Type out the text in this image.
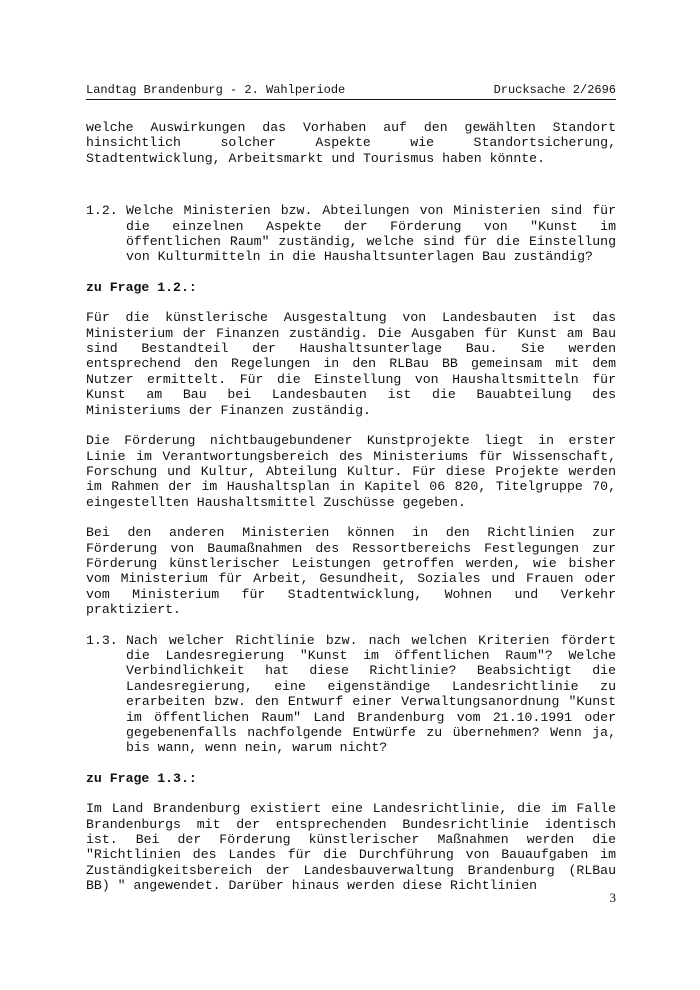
Landtag Brandenburg - 2. Wahlperiode	Drucksache 2/2696

welche Auswirkungen das Vorhaben auf den gewählten Standort hinsichtlich solcher Aspekte wie Standortsicherung, Stadtentwicklung, Arbeitsmarkt und Tourismus haben könnte.

1.2. Welche Ministerien bzw. Abteilungen von Ministerien sind für die einzelnen Aspekte der Förderung von "Kunst im öffentlichen Raum" zuständig, welche sind für die Einstellung von Kulturmitteln in die Haushaltsunterlagen Bau zuständig?
zu Frage 1.2.:

Für die künstlerische Ausgestaltung von Landesbauten ist das Ministerium der Finanzen zuständig. Die Ausgaben für Kunst am Bau sind Bestandteil der Haushaltsunterlage Bau. Sie werden entsprechend den Regelungen in den RLBau BB gemeinsam mit dem Nutzer ermittelt. Für die Einstellung von Haushaltsmitteln für Kunst am Bau bei Landesbauten ist die Bauabteilung des Ministeriums der Finanzen zuständig.

Die Förderung nichtbaugebundener Kunstprojekte liegt in erster Linie im Verantwortungsbereich des Ministeriums für Wissenschaft, Forschung und Kultur, Abteilung Kultur. Für diese Projekte werden im Rahmen der im Haushaltsplan in Kapitel 06 820, Titelgruppe 70, eingestellten Haushaltsmittel Zuschüsse gegeben.

Bei den anderen Ministerien können in den Richtlinien zur Förderung von Baumaßnahmen des Ressortbereichs Festlegungen zur Förderung künstlerischer Leistungen getroffen werden, wie bisher vom Ministerium für Arbeit, Gesundheit, Soziales und Frauen oder vom Ministerium für Stadtentwicklung, Wohnen und Verkehr praktiziert.

1.3. Nach welcher Richtlinie bzw. nach welchen Kriterien fördert die Landesregierung "Kunst im öffentlichen Raum"? Welche Verbindlichkeit hat diese Richtlinie? Beabsichtigt die Landesregierung, eine eigenständige Landesrichtlinie zu erarbeiten bzw. den Entwurf einer Verwaltungsanordnung "Kunst im öffentlichen Raum" Land Brandenburg vom 21.10.1991 oder gegebenenfalls nachfolgende Entwürfe zu übernehmen? Wenn ja, bis wann, wenn nein, warum nicht?
zu Frage 1.3.:

Im Land Brandenburg existiert eine Landesrichtlinie, die im Falle Brandenburgs mit der entsprechenden Bundesrichtlinie identisch ist. Bei der Förderung künstlerischer Maßnahmen werden die "Richtlinien des Landes für die Durchführung von Bauaufgaben im Zuständigkeitsbereich der Landesbauverwaltung Brandenburg (RLBau BB) " angewendet. Darüber hinaus werden diese Richtlinien

3
